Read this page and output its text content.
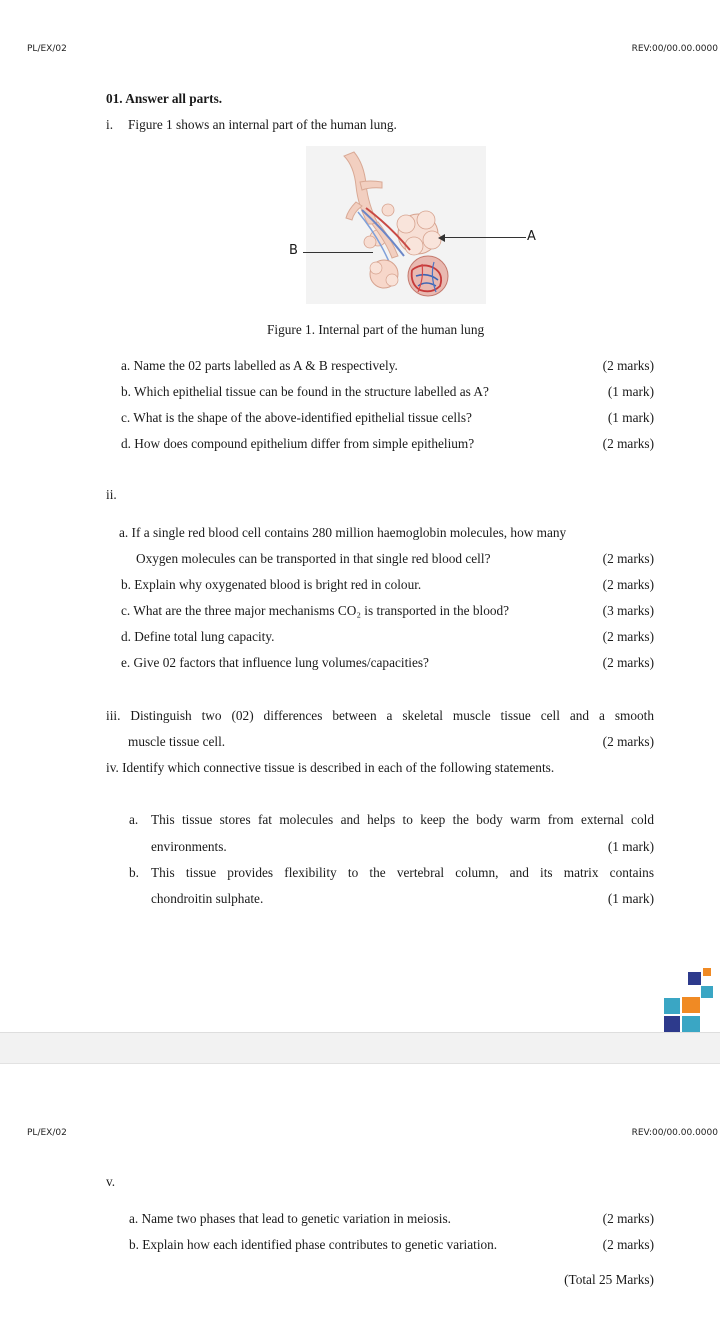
PL/EX/02	REV:00/00.00.0000
01. Answer all parts.
i. Figure 1 shows an internal part of the human lung.
B
A
Figure 1. Internal part of the human lung
a. Name the 02 parts labelled as A & B respectively.	(2 marks)
b. Which epithelial tissue can be found in the structure labelled as A?	(1 mark)
c. What is the shape of the above-identified epithelial tissue cells?	(1 mark)
d. How does compound epithelium differ from simple epithelium?	(2 marks)
ii.
a. If a single red blood cell contains 280 million haemoglobin molecules, how many
Oxygen molecules can be transported in that single red blood cell?	(2 marks)
b. Explain why oxygenated blood is bright red in colour.	(2 marks)
c. What are the three major mechanisms CO₂ is transported in the blood?	(3 marks)
d. Define total lung capacity.	(2 marks)
e. Give 02 factors that influence lung volumes/capacities?	(2 marks)
iii. Distinguish two (02) differences between a skeletal muscle tissue cell and a smooth
muscle tissue cell.	(2 marks)
iv. Identify which connective tissue is described in each of the following statements.
a. This tissue stores fat molecules and helps to keep the body warm from external cold
environments.	(1 mark)
b. This tissue provides flexibility to the vertebral column, and its matrix contains
chondroitin sulphate.	(1 mark)
PL/EX/02	REV:00/00.00.0000
v.
a. Name two phases that lead to genetic variation in meiosis.	(2 marks)
b. Explain how each identified phase contributes to genetic variation.	(2 marks)
(Total 25 Marks)
